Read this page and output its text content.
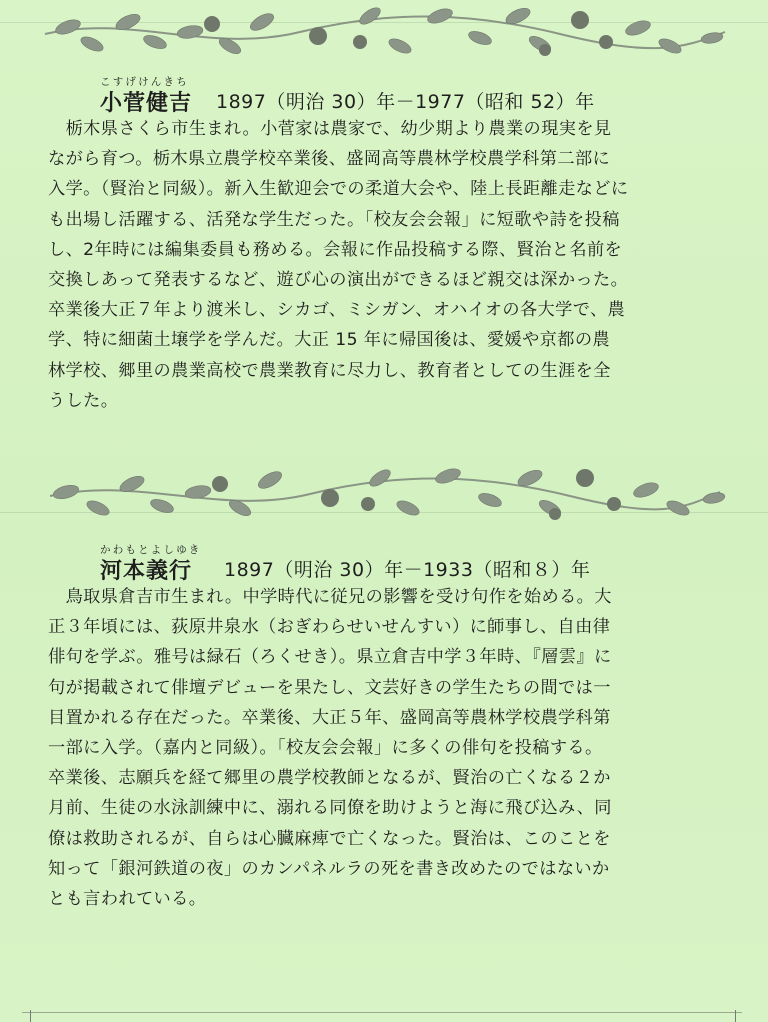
こすげけんきち
小菅健吉 1897（明治 30）年－1977（昭和 52）年

　栃木県さくら市生まれ。小菅家は農家で、幼少期より農業の現実を見
ながら育つ。栃木県立農学校卒業後、盛岡高等農林学校農学科第二部に
入学。（賢治と同級）。新入生歓迎会での柔道大会や、陸上長距離走などに
も出場し活躍する、活発な学生だった。「校友会会報」に短歌や詩を投稿
し、2年時には編集委員も務める。会報に作品投稿する際、賢治と名前を
交換しあって発表するなど、遊び心の演出ができるほど親交は深かった。
卒業後大正７年より渡米し、シカゴ、ミシガン、オハイオの各大学で、農
学、特に細菌土壌学を学んだ。大正 15 年に帰国後は、愛媛や京都の農
林学校、郷里の農業高校で農業教育に尽力し、教育者としての生涯を全
うした。

かわもとよしゆき
河本義行 1897（明治 30）年－1933（昭和８）年

　鳥取県倉吉市生まれ。中学時代に従兄の影響を受け句作を始める。大
正３年頃には、荻原井泉水（おぎわらせいせんすい）に師事し、自由律
俳句を学ぶ。雅号は緑石（ろくせき）。県立倉吉中学３年時、『層雲』に
句が掲載されて俳壇デビューを果たし、文芸好きの学生たちの間では一
目置かれる存在だった。卒業後、大正５年、盛岡高等農林学校農学科第
一部に入学。（嘉内と同級）。「校友会会報」に多くの俳句を投稿する。
卒業後、志願兵を経て郷里の農学校教師となるが、賢治の亡くなる２か
月前、生徒の水泳訓練中に、溺れる同僚を助けようと海に飛び込み、同
僚は救助されるが、自らは心臓麻痺で亡くなった。賢治は、このことを
知って「銀河鉄道の夜」のカンパネルラの死を書き改めたのではないか
とも言われている。
